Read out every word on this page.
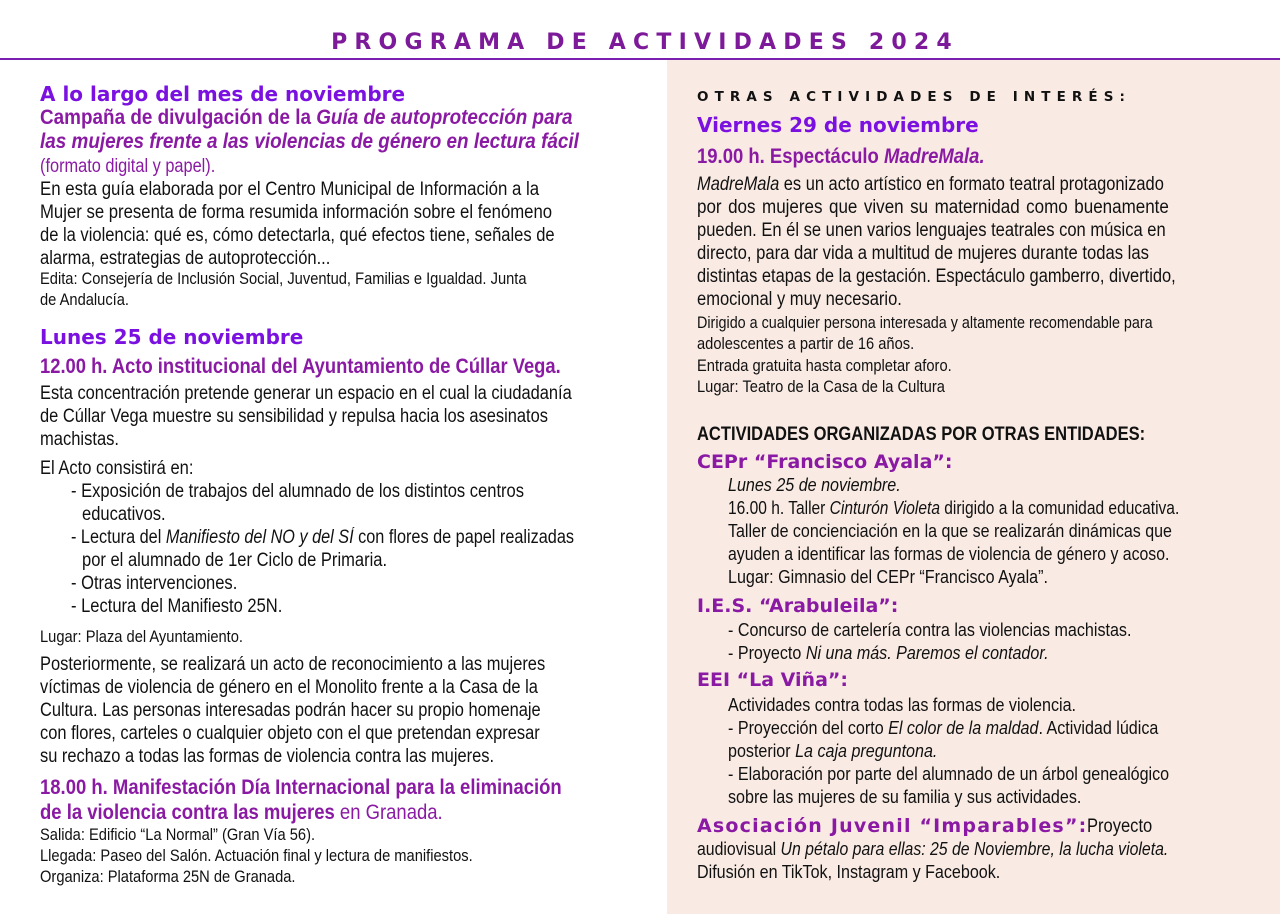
PROGRAMA DE ACTIVIDADES 2024
A lo largo del mes de noviembre
Campaña de divulgación de la Guía de autoprotección para
las mujeres frente a las violencias de género en lectura fácil
(formato digital y papel).
En esta guía elaborada por el Centro Municipal de Información a la
Mujer se presenta de forma resumida información sobre el fenómeno
de la violencia: qué es, cómo detectarla, qué efectos tiene, señales de
alarma, estrategias de autoprotección...
Edita: Consejería de Inclusión Social, Juventud, Familias e Igualdad. Junta
de Andalucía.
Lunes 25 de noviembre
12.00 h. Acto institucional del Ayuntamiento de Cúllar Vega.
Esta concentración pretende generar un espacio en el cual la ciudadanía
de Cúllar Vega muestre su sensibilidad y repulsa hacia los asesinatos
machistas.
El Acto consistirá en:
- Exposición de trabajos del alumnado de los distintos centros
educativos.
- Lectura del Manifiesto del NO y del SÍ con flores de papel realizadas
por el alumnado de 1er Ciclo de Primaria.
- Otras intervenciones.
- Lectura del Manifiesto 25N.
Lugar: Plaza del Ayuntamiento.
Posteriormente, se realizará un acto de reconocimiento a las mujeres
víctimas de violencia de género en el Monolito frente a la Casa de la
Cultura. Las personas interesadas podrán hacer su propio homenaje
con flores, carteles o cualquier objeto con el que pretendan expresar
su rechazo a todas las formas de violencia contra las mujeres.
18.00 h. Manifestación Día Internacional para la eliminación
de la violencia contra las mujeres en Granada.
Salida: Edificio “La Normal” (Gran Vía 56).
Llegada: Paseo del Salón. Actuación final y lectura de manifiestos.
Organiza: Plataforma 25N de Granada.
OTRAS ACTIVIDADES DE INTERÉS:
Viernes 29 de noviembre
19.00 h. Espectáculo MadreMala.
MadreMala es un acto artístico en formato teatral protagonizado
por dos mujeres que viven su maternidad como buenamente
pueden. En él se unen varios lenguajes teatrales con música en
directo, para dar vida a multitud de mujeres durante todas las
distintas etapas de la gestación. Espectáculo gamberro, divertido,
emocional y muy necesario.
Dirigido a cualquier persona interesada y altamente recomendable para
adolescentes a partir de 16 años.
Entrada gratuita hasta completar aforo.
Lugar: Teatro de la Casa de la Cultura
ACTIVIDADES ORGANIZADAS POR OTRAS ENTIDADES:
CEPr “Francisco Ayala”:
Lunes 25 de noviembre.
16.00 h. Taller Cinturón Violeta dirigido a la comunidad educativa.
Taller de concienciación en la que se realizarán dinámicas que
ayuden a identificar las formas de violencia de género y acoso.
Lugar: Gimnasio del CEPr “Francisco Ayala”.
I.E.S. “Arabuleila”:
- Concurso de cartelería contra las violencias machistas.
- Proyecto Ni una más. Paremos el contador.
EEI “La Viña”:
Actividades contra todas las formas de violencia.
- Proyección del corto El color de la maldad. Actividad lúdica
posterior La caja preguntona.
- Elaboración por parte del alumnado de un árbol genealógico
sobre las mujeres de su familia y sus actividades.
Asociación Juvenil “Imparables”:Proyecto
audiovisual Un pétalo para ellas: 25 de Noviembre, la lucha violeta.
Difusión en TikTok, Instagram y Facebook.
